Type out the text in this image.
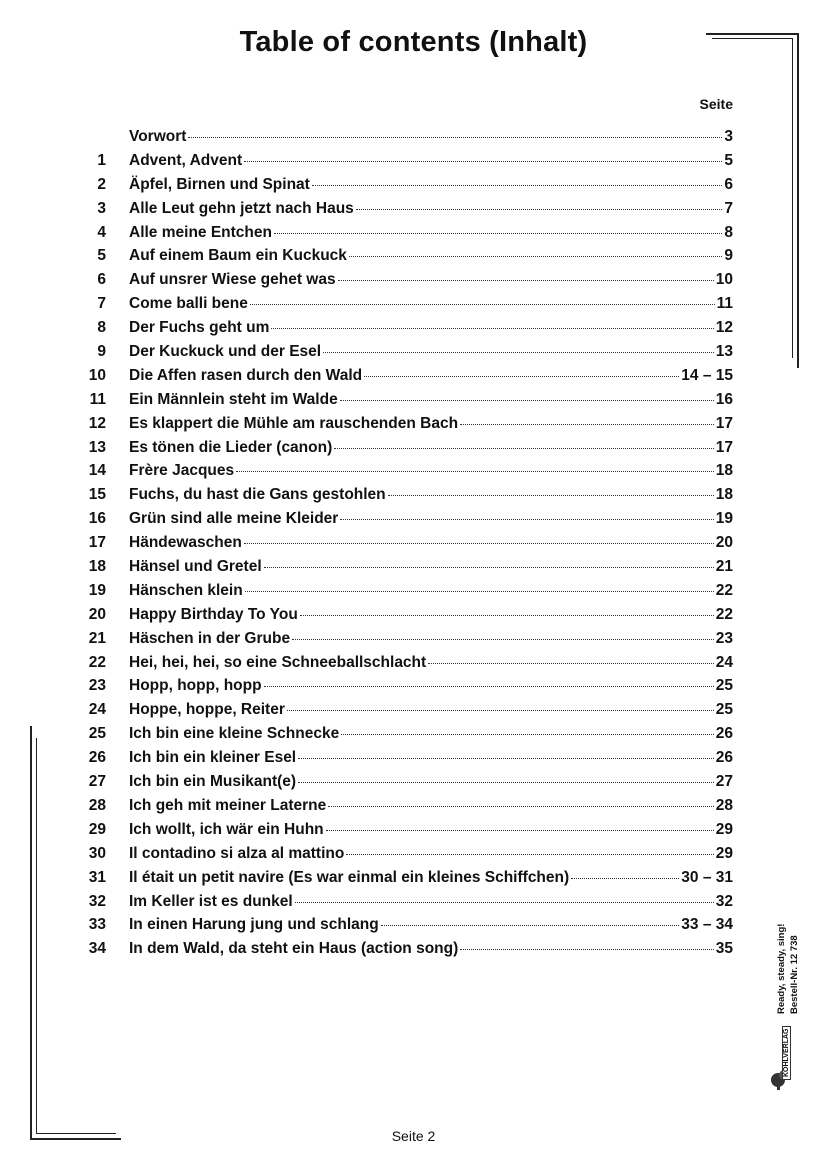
Table of contents (Inhalt)
Seite
Vorwort	3
1 Advent, Advent	5
2 Äpfel, Birnen und Spinat	6
3 Alle Leut gehn jetzt nach Haus	7
4 Alle meine Entchen	8
5 Auf einem Baum ein Kuckuck	9
6 Auf unsrer Wiese gehet was	10
7 Come balli bene	11
8 Der Fuchs geht um	12
9 Der Kuckuck und der Esel	13
10 Die Affen rasen durch den Wald	14 – 15
11 Ein Männlein steht im Walde	16
12 Es klappert die Mühle am rauschenden Bach	17
13 Es tönen die Lieder (canon)	17
14 Frère Jacques	18
15 Fuchs, du hast die Gans gestohlen	18
16 Grün sind alle meine Kleider	19
17 Händewaschen	20
18 Hänsel und Gretel	21
19 Hänschen klein	22
20 Happy Birthday To You	22
21 Häschen in der Grube	23
22 Hei, hei, hei, so eine Schneeballschlacht	24
23 Hopp, hopp, hopp	25
24 Hoppe, hoppe, Reiter	25
25 Ich bin eine kleine Schnecke	26
26 Ich bin ein kleiner Esel	26
27 Ich bin ein Musikant(e)	27
28 Ich geh mit meiner Laterne	28
29 Ich wollt, ich wär ein Huhn	29
30 Il contadino si alza al mattino	29
31 Il était un petit navire (Es war einmal ein kleines Schiffchen)	30 – 31
32 Im Keller ist es dunkel	32
33 In einen Harung jung und schlang	33 – 34
34 In dem Wald, da steht ein Haus (action song)	35
Seite 2
Ready, steady, sing! Bestell-Nr. 12 738
KOHLVERLAG
